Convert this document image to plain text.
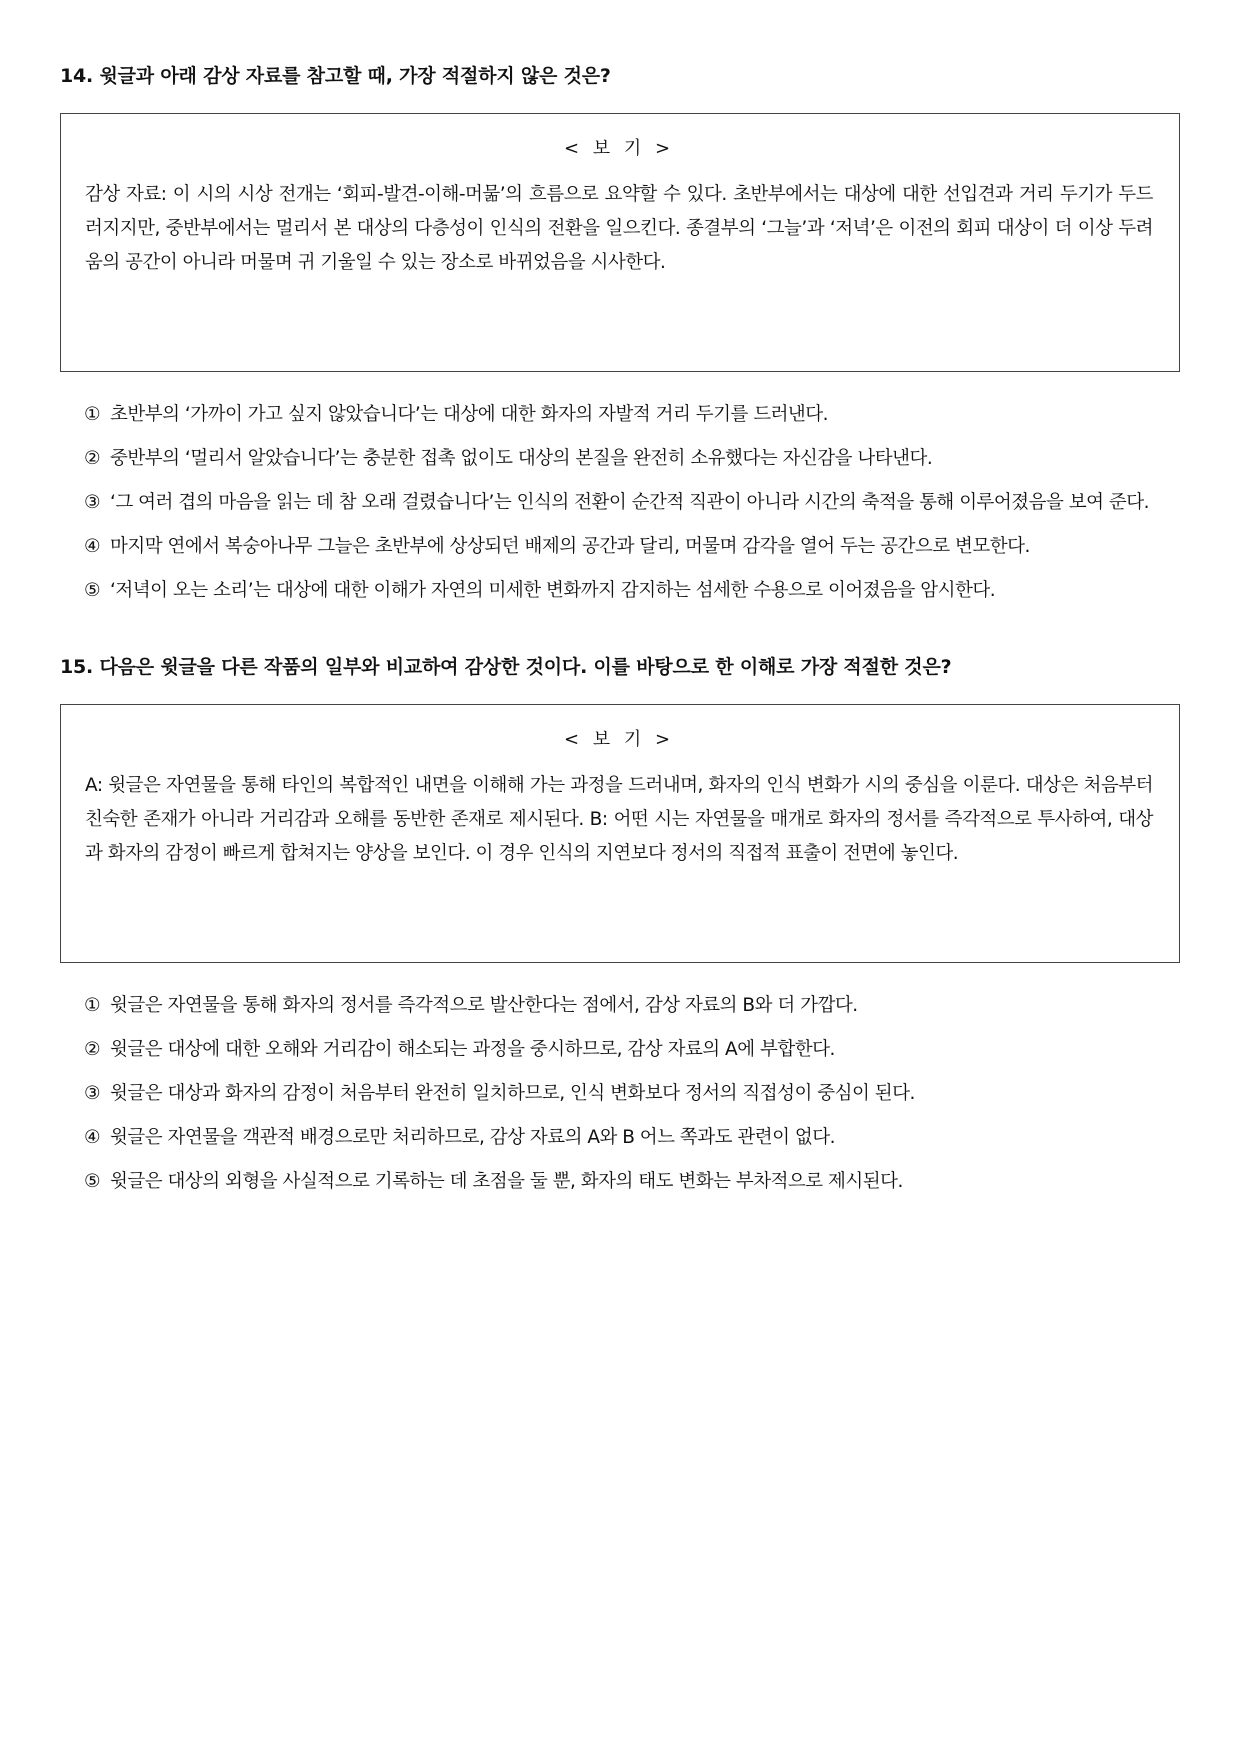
14. 윗글과 아래 감상 자료를 참고할 때, 가장 적절하지 않은 것은?
< 보 기 >
감상 자료: 이 시의 시상 전개는 ‘회피-발견-이해-머묾’의 흐름으로 요약할 수 있다. 초반부에서는 대상에 대한 선입견과 거리 두기가 두드러지지만, 중반부에서는 멀리서 본 대상의 다층성이 인식의 전환을 일으킨다. 종결부의 ‘그늘’과 ‘저녁’은 이전의 회피 대상이 더 이상 두려움의 공간이 아니라 머물며 귀 기울일 수 있는 장소로 바뀌었음을 시사한다.
① 초반부의 ‘가까이 가고 싶지 않았습니다’는 대상에 대한 화자의 자발적 거리 두기를 드러낸다.
② 중반부의 ‘멀리서 알았습니다’는 충분한 접촉 없이도 대상의 본질을 완전히 소유했다는 자신감을 나타낸다.
③ ‘그 여러 겹의 마음을 읽는 데 참 오래 걸렸습니다’는 인식의 전환이 순간적 직관이 아니라 시간의 축적을 통해 이루어졌음을 보여 준다.
④ 마지막 연에서 복숭아나무 그늘은 초반부에 상상되던 배제의 공간과 달리, 머물며 감각을 열어 두는 공간으로 변모한다.
⑤ ‘저녁이 오는 소리’는 대상에 대한 이해가 자연의 미세한 변화까지 감지하는 섬세한 수용으로 이어졌음을 암시한다.
15. 다음은 윗글을 다른 작품의 일부와 비교하여 감상한 것이다. 이를 바탕으로 한 이해로 가장 적절한 것은?
< 보 기 >
A: 윗글은 자연물을 통해 타인의 복합적인 내면을 이해해 가는 과정을 드러내며, 화자의 인식 변화가 시의 중심을 이룬다. 대상은 처음부터 친숙한 존재가 아니라 거리감과 오해를 동반한 존재로 제시된다. B: 어떤 시는 자연물을 매개로 화자의 정서를 즉각적으로 투사하여, 대상과 화자의 감정이 빠르게 합쳐지는 양상을 보인다. 이 경우 인식의 지연보다 정서의 직접적 표출이 전면에 놓인다.
① 윗글은 자연물을 통해 화자의 정서를 즉각적으로 발산한다는 점에서, 감상 자료의 B와 더 가깝다.
② 윗글은 대상에 대한 오해와 거리감이 해소되는 과정을 중시하므로, 감상 자료의 A에 부합한다.
③ 윗글은 대상과 화자의 감정이 처음부터 완전히 일치하므로, 인식 변화보다 정서의 직접성이 중심이 된다.
④ 윗글은 자연물을 객관적 배경으로만 처리하므로, 감상 자료의 A와 B 어느 쪽과도 관련이 없다.
⑤ 윗글은 대상의 외형을 사실적으로 기록하는 데 초점을 둘 뿐, 화자의 태도 변화는 부차적으로 제시된다.
